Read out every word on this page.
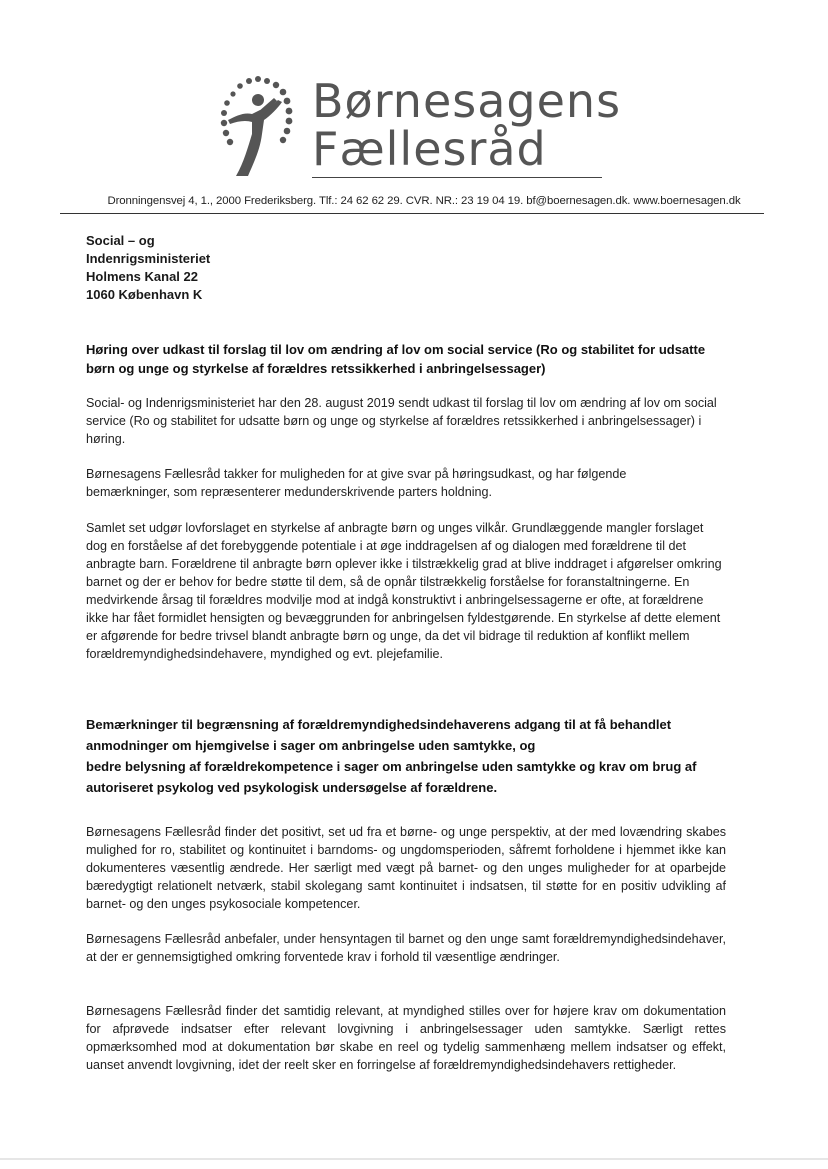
Børnesagens
Fællesråd
Dronningensvej 4, 1., 2000 Frederiksberg. Tlf.: 24 62 62 29. CVR. NR.: 23 19 04 19. bf@boernesagen.dk. www.boernesagen.dk
Social – og
Indenrigsministeriet
Holmens Kanal 22
1060 København K
Høring over udkast til forslag til lov om ændring af lov om social service (Ro og stabilitet for udsatte børn og unge og styrkelse af forældres retssikkerhed i anbringelsessager)

Social- og Indenrigsministeriet har den 28. august 2019 sendt udkast til forslag til lov om ændring af lov om social service (Ro og stabilitet for udsatte børn og unge og styrkelse af forældres retssikkerhed i anbringelsessager) i høring.

Børnesagens Fællesråd takker for muligheden for at give svar på høringsudkast, og har følgende bemærkninger, som repræsenterer medunderskrivende parters holdning.

Samlet set udgør lovforslaget en styrkelse af anbragte børn og unges vilkår. Grundlæggende mangler forslaget dog en forståelse af det forebyggende potentiale i at øge inddragelsen af og dialogen med forældrene til det anbragte barn. Forældrene til anbragte børn oplever ikke i tilstrækkelig grad at blive inddraget i afgørelser omkring barnet og der er behov for bedre støtte til dem, så de opnår tilstrækkelig forståelse for foranstaltningerne. En medvirkende årsag til forældres modvilje mod at indgå konstruktivt i anbringelsessagerne er ofte, at forældrene ikke har fået formidlet hensigten og bevæggrunden for anbringelsen fyldestgørende. En styrkelse af dette element er afgørende for bedre trivsel blandt anbragte børn og unge, da det vil bidrage til reduktion af konflikt mellem forældremyndighedsindehavere, myndighed og evt. plejefamilie.

Bemærkninger til begrænsning af forældremyndighedsindehaverens adgang til at få behandlet anmodninger om hjemgivelse i sager om anbringelse uden samtykke, og
bedre belysning af forældrekompetence i sager om anbringelse uden samtykke og krav om brug af autoriseret psykolog ved psykologisk undersøgelse af forældrene.

Børnesagens Fællesråd finder det positivt, set ud fra et børne- og unge perspektiv, at der med lovændring skabes mulighed for ro, stabilitet og kontinuitet i barndoms- og ungdomsperioden, såfremt forholdene i hjemmet ikke kan dokumenteres væsentlig ændrede. Her særligt med vægt på barnet- og den unges muligheder for at oparbejde bæredygtigt relationelt netværk, stabil skolegang samt kontinuitet i indsatsen, til støtte for en positiv udvikling af barnet- og den unges psykosociale kompetencer.

Børnesagens Fællesråd anbefaler, under hensyntagen til barnet og den unge samt forældremyndighedsindehaver, at der er gennemsigtighed omkring forventede krav i forhold til væsentlige ændringer.

Børnesagens Fællesråd finder det samtidig relevant, at myndighed stilles over for højere krav om dokumentation for afprøvede indsatser efter relevant lovgivning i anbringelsessager uden samtykke. Særligt rettes opmærksomhed mod at dokumentation bør skabe en reel og tydelig sammenhæng mellem indsatser og effekt, uanset anvendt lovgivning, idet der reelt sker en forringelse af forældremyndighedsindehavers rettigheder.
